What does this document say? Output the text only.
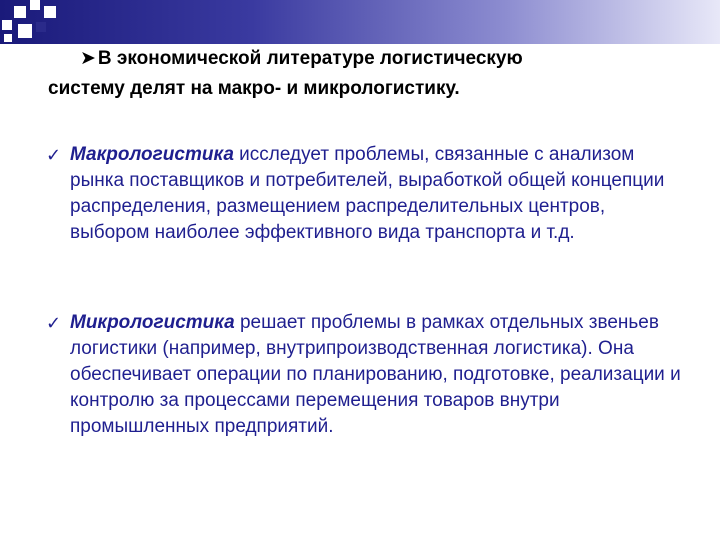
➤ В экономической литературе логистическую
систему делят на макро- и микрологистику.
✓ Макрологистика исследует проблемы, связанные с анализом рынка поставщиков и потребителей, выработкой общей концепции распределения, размещением распределительных центров, выбором наиболее эффективного вида транспорта и т.д.
✓ Микрологистика решает проблемы в рамках отдельных звеньев логистики (например, внутрипроизводственная логистика). Она обеспечивает операции по планированию, подготовке, реализации и контролю за процессами перемещения товаров внутри промышленных предприятий.
